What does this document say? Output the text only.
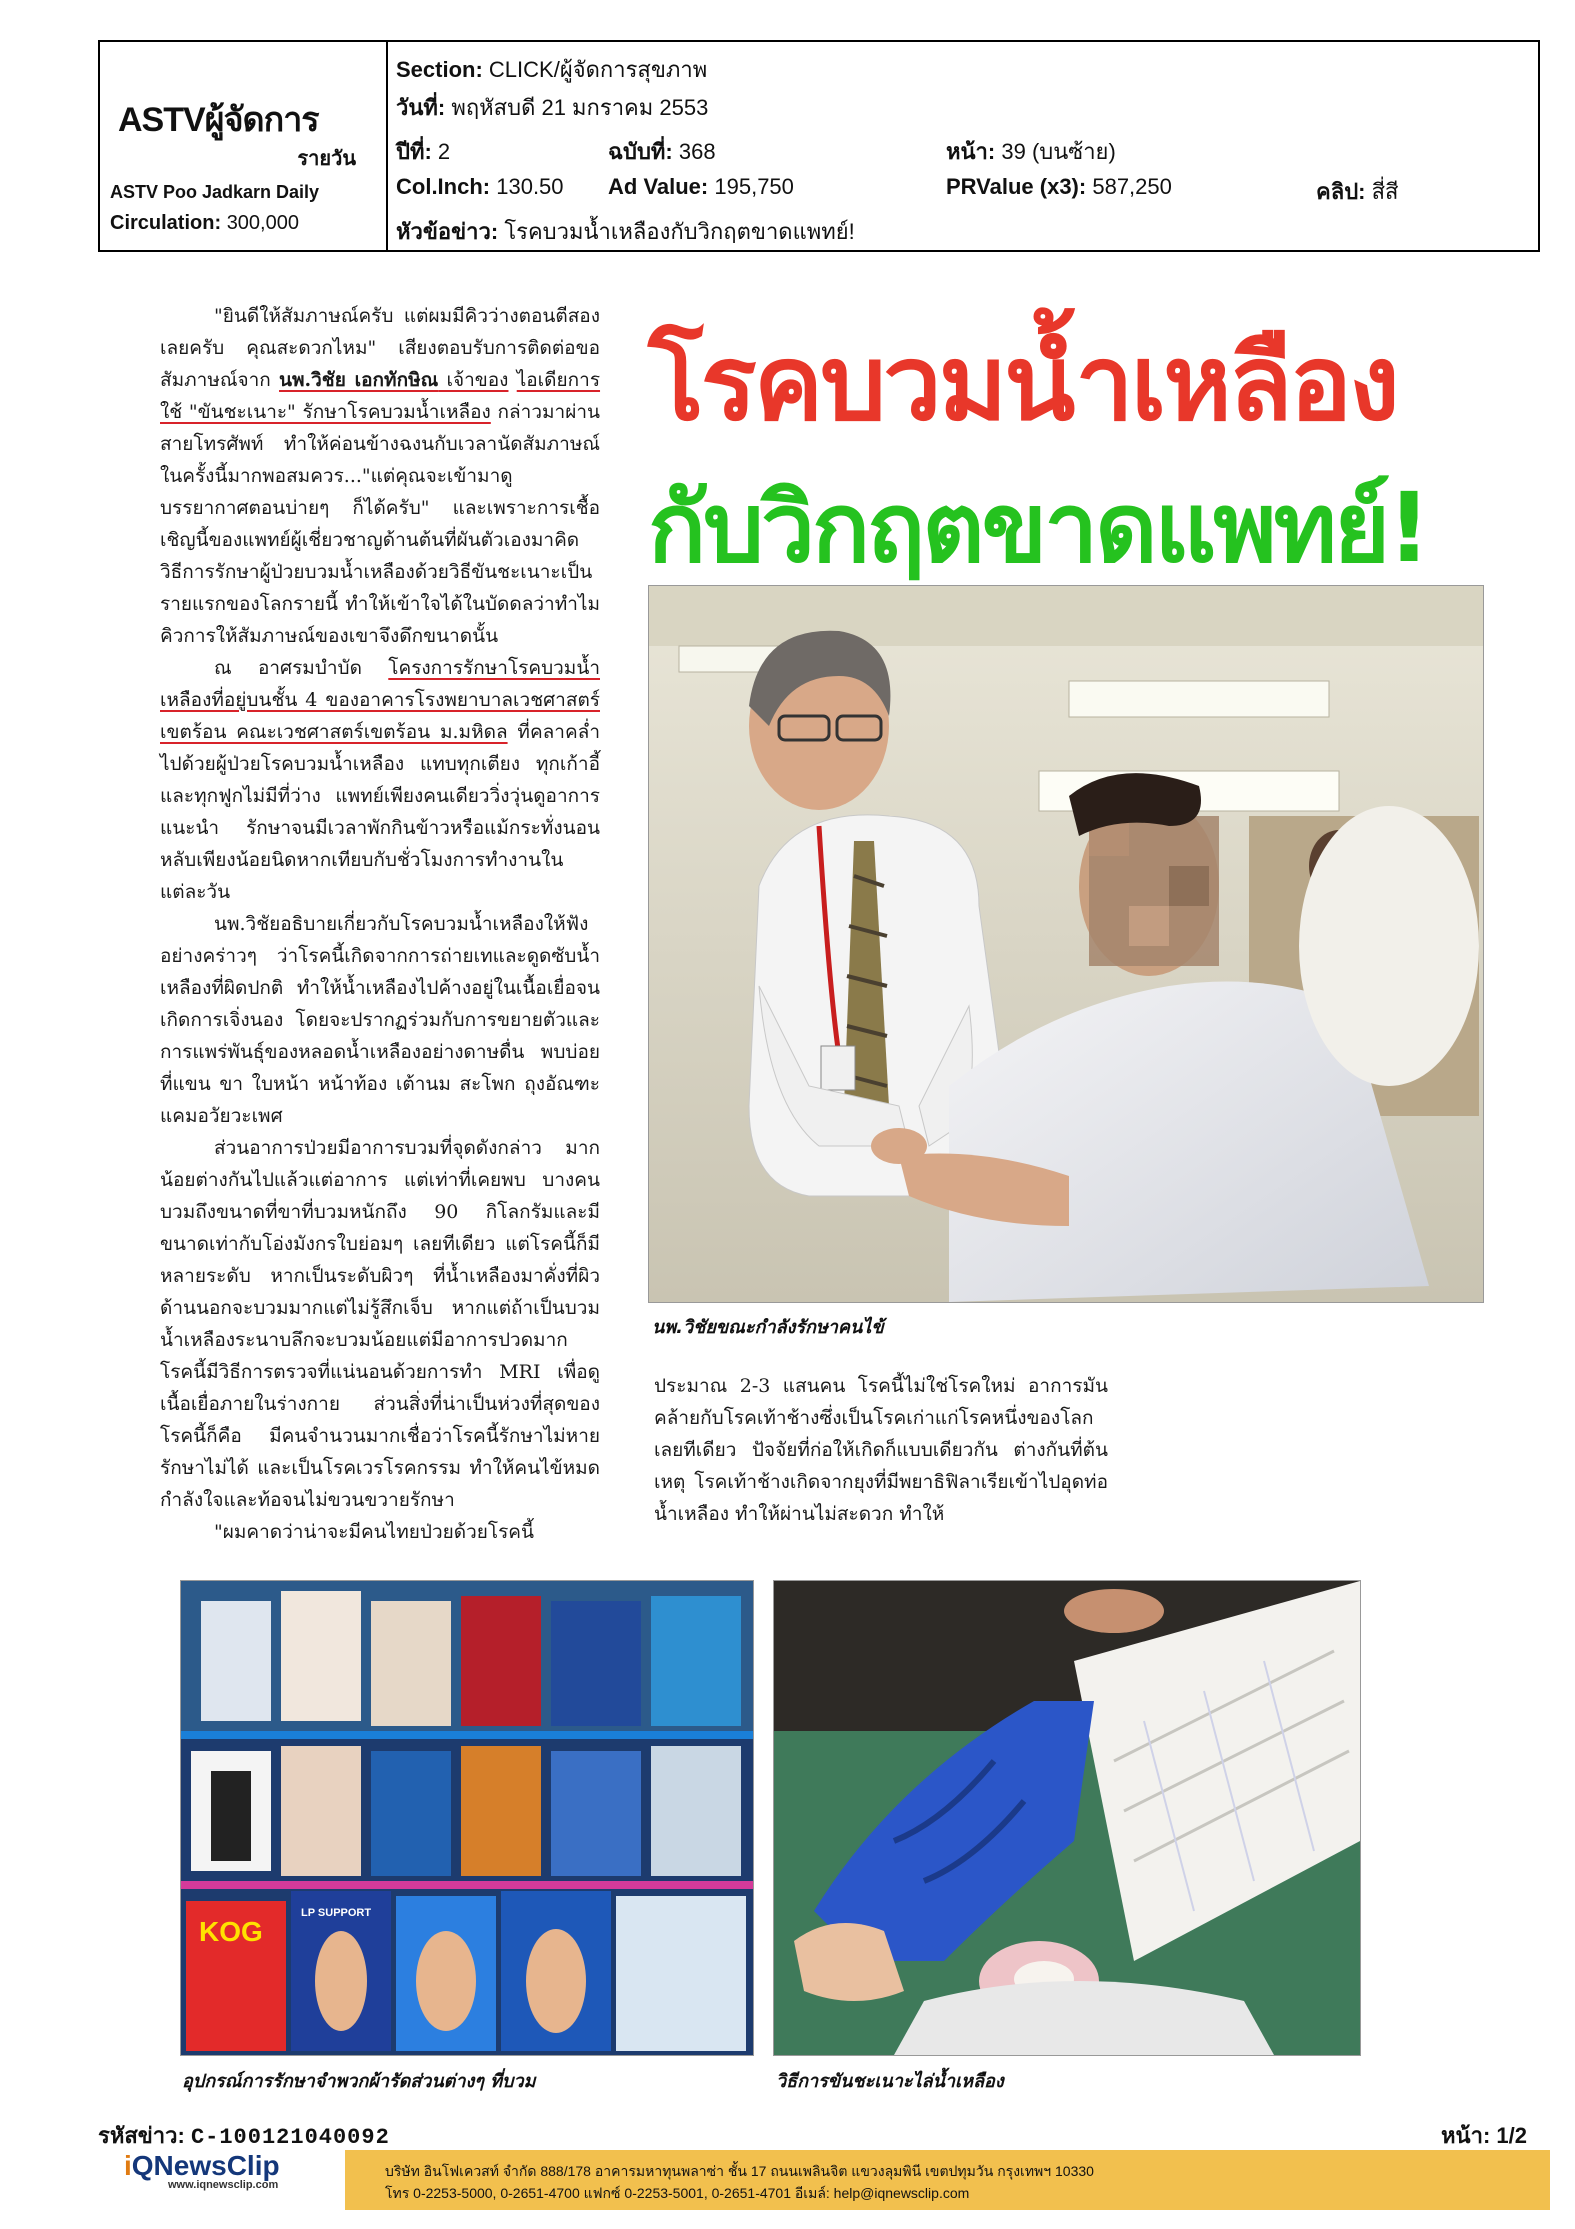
ASTVผู้จัดการ
รายวัน
ASTV Poo Jadkarn Daily
Circulation: 300,000
Section: CLICK/ผู้จัดการสุขภาพ
วันที่: พฤหัสบดี 21 มกราคม 2553
ปีที่: 2	ฉบับที่: 368	หน้า: 39 (บนซ้าย)
Col.Inch: 130.50 Ad Value: 195,750	PRValue (x3): 587,250	คลิป: สี่สี
หัวข้อข่าว: โรคบวมน้ำเหลืองกับวิกฤตขาดแพทย์!
โรคบวมน้ำเหลือง
กับวิกฤตขาดแพทย์!

"ยินดีให้สัมภาษณ์ครับ แต่ผมมีคิวว่างตอนตีสองเลยครับ คุณสะดวกไหม" เสียงตอบรับการติดต่อขอสัมภาษณ์จาก นพ.วิชัย เอกทักษิณ เจ้าของ ไอเดียการใช้ "ขันชะเนาะ" รักษาโรคบวมน้ำเหลือง กล่าวมาผ่านสายโทรศัพท์ ทำให้ค่อนข้างฉงนกับเวลานัดสัมภาษณ์ในครั้งนี้มากพอสมควร..."แต่คุณจะเข้ามาดูบรรยากาศตอนบ่ายๆ ก็ได้ครับ" และเพราะการเชื้อเชิญนี้ของแพทย์ผู้เชี่ยวชาญด้านต้นที่ผันตัวเองมาคิดวิธีการรักษาผู้ป่วยบวมน้ำเหลืองด้วยวิธีขันชะเนาะเป็นรายแรกของโลกรายนี้ ทำให้เข้าใจได้ในบัดดลว่าทำไมคิวการให้สัมภาษณ์ของเขาจึงดึกขนาดนั้น

ณ อาศรมบำบัด โครงการรักษาโรคบวมน้ำเหลืองที่อยู่บนชั้น 4 ของอาคารโรงพยาบาลเวชศาสตร์เขตร้อน คณะเวชศาสตร์เขตร้อน ม.มหิดล ที่คลาคล่ำไปด้วยผู้ป่วยโรคบวมน้ำเหลือง แทบทุกเตียง ทุกเก้าอี้ และทุกฟูกไม่มีที่ว่าง แพทย์เพียงคนเดียววิ่งวุ่นดูอาการ แนะนำ รักษาจนมีเวลาพักกินข้าวหรือแม้กระทั่งนอนหลับเพียงน้อยนิดหากเทียบกับชั่วโมงการทำงานในแต่ละวัน

นพ.วิชัยอธิบายเกี่ยวกับโรคบวมน้ำเหลืองให้ฟังอย่างคร่าวๆ ว่าโรคนี้เกิดจากการถ่ายเทและดูดซับน้ำเหลืองที่ผิดปกติ ทำให้น้ำเหลืองไปค้างอยู่ในเนื้อเยื่อจนเกิดการเจิ่งนอง โดยจะปรากฏร่วมกับการขยายตัวและการแพร่พันธุ์ของหลอดน้ำเหลืองอย่างดาษดื่น พบบ่อยที่แขน ขา ใบหน้า หน้าท้อง เต้านม สะโพก ถุงอัณฑะ แคมอวัยวะเพศ

ส่วนอาการป่วยมีอาการบวมที่จุดดังกล่าว มากน้อยต่างกันไปแล้วแต่อาการ แต่เท่าที่เคยพบ บางคนบวมถึงขนาดที่ขาที่บวมหนักถึง 90 กิโลกรัมและมีขนาดเท่ากับโอ่งมังกรใบย่อมๆ เลยทีเดียว แต่โรคนี้ก็มีหลายระดับ หากเป็นระดับผิวๆ ที่น้ำเหลืองมาคั่งที่ผิวด้านนอกจะบวมมากแต่ไม่รู้สึกเจ็บ หากแต่ถ้าเป็นบวมน้ำเหลืองระนาบลึกจะบวมน้อยแต่มีอาการปวดมาก โรคนี้มีวิธีการตรวจที่แน่นอนด้วยการทำ MRI เพื่อดูเนื้อเยื่อภายในร่างกาย ส่วนสิ่งที่น่าเป็นห่วงที่สุดของโรคนี้ก็คือ มีคนจำนวนมากเชื่อว่าโรคนี้รักษาไม่หาย รักษาไม่ได้ และเป็นโรคเวรโรคกรรม ทำให้คนไข้หมดกำลังใจและท้อจนไม่ขวนขวายรักษา

"ผมคาดว่าน่าจะมีคนไทยป่วยด้วยโรคนี้

นพ.วิชัยขณะกำลังรักษาคนไข้

ประมาณ 2-3 แสนคน โรคนี้ไม่ใช่โรคใหม่ อาการมันคล้ายกับโรคเท้าช้างซึ่งเป็นโรคเก่าแก่โรคหนึ่งของโลกเลยทีเดียว ปัจจัยที่ก่อให้เกิดก็แบบเดียวกัน ต่างกันที่ต้นเหตุ โรคเท้าช้างเกิดจากยุงที่มีพยาธิฟิลาเรียเข้าไปอุดท่อน้ำเหลือง ทำให้ผ่านไม่สะดวก ทำให้

KOG
LP SUPPORT
อุปกรณ์การรักษาจำพวกผ้ารัดส่วนต่างๆ ที่บวม	วิธีการขันชะเนาะไล่น้ำเหลือง
รหัสข่าว: C-100121040092	หน้า: 1/2
iQNewsClip
www.iqnewsclip.com
บริษัท อินโฟเควสท์ จำกัด 888/178 อาคารมหาทุนพลาซ่า ชั้น 17 ถนนเพลินจิต แขวงลุมพินี เขตปทุมวัน กรุงเทพฯ 10330
โทร 0-2253-5000, 0-2651-4700 แฟกซ์ 0-2253-5001, 0-2651-4701 อีเมล์: help@iqnewsclip.com
